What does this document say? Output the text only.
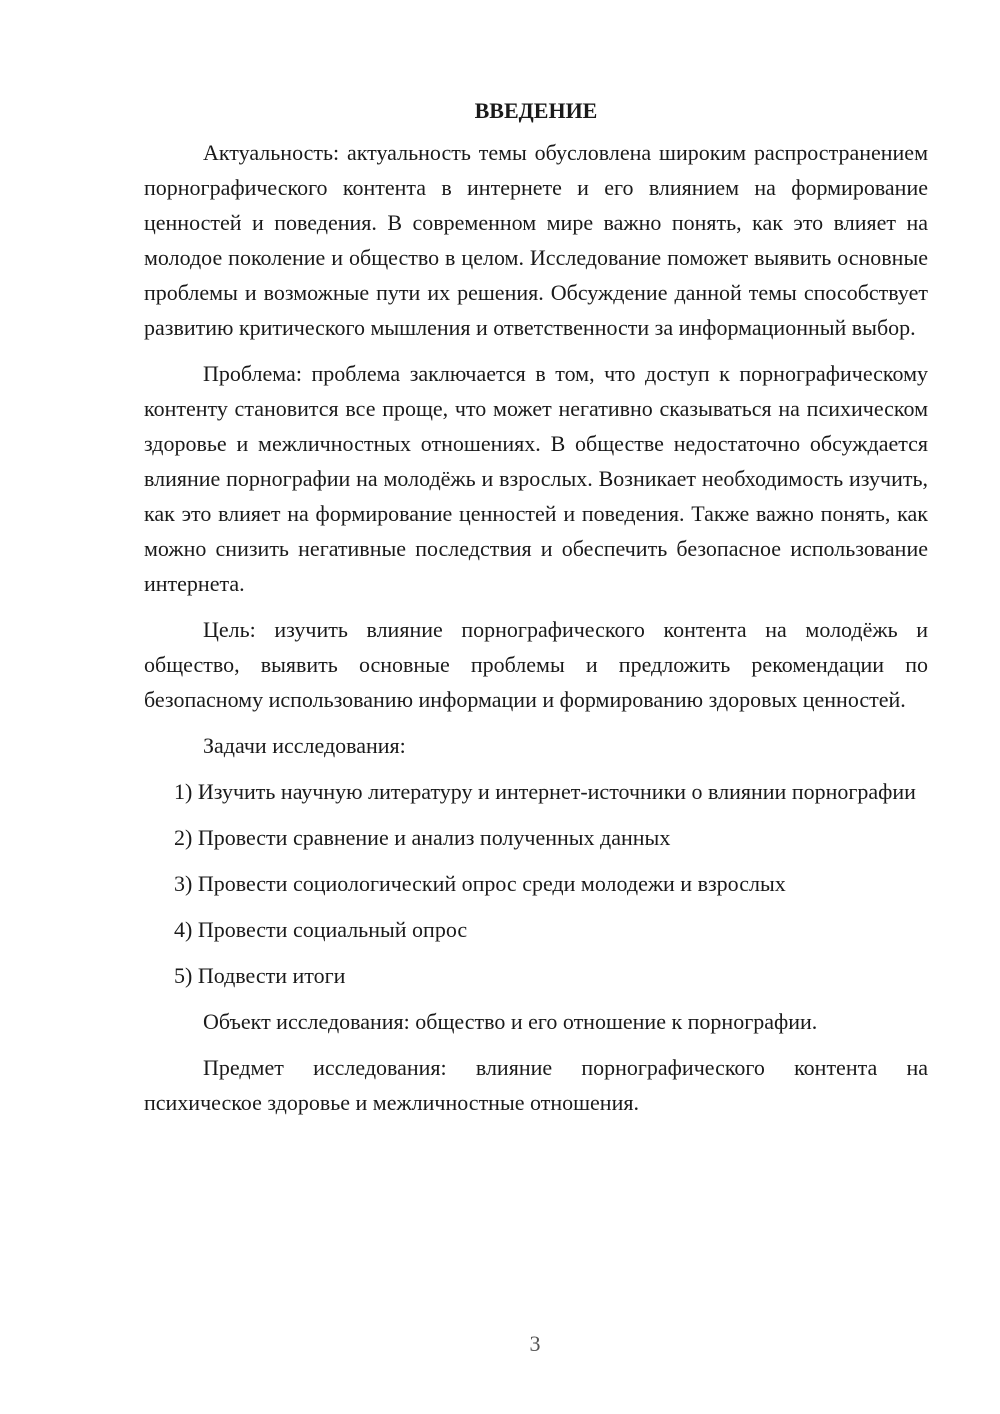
ВВЕДЕНИЕ

Актуальность: актуальность темы обусловлена широким распространением порнографического контента в интернете и его влиянием на формирование ценностей и поведения. В современном мире важно понять, как это влияет на молодое поколение и общество в целом. Исследование поможет выявить основные проблемы и возможные пути их решения. Обсуждение данной темы способствует развитию критического мышления и ответственности за информационный выбор.

Проблема: проблема заключается в том, что доступ к порнографическому контенту становится все проще, что может негативно сказываться на психическом здоровье и межличностных отношениях. В обществе недостаточно обсуждается влияние порнографии на молодёжь и взрослых. Возникает необходимость изучить, как это влияет на формирование ценностей и поведения. Также важно понять, как можно снизить негативные последствия и обеспечить безопасное использование интернета.

Цель: изучить влияние порнографического контента на молодёжь и общество, выявить основные проблемы и предложить рекомендации по безопасному использованию информации и формированию здоровых ценностей.

Задачи исследования:

1) Изучить научную литературу и интернет-источники о влиянии порнографии

2) Провести сравнение и анализ полученных данных

3) Провести социологический опрос среди молодежи и взрослых

4) Провести социальный опрос

5) Подвести итоги

Объект исследования: общество и его отношение к порнографии.

Предмет исследования: влияние порнографического контента на психическое здоровье и межличностные отношения.

3
